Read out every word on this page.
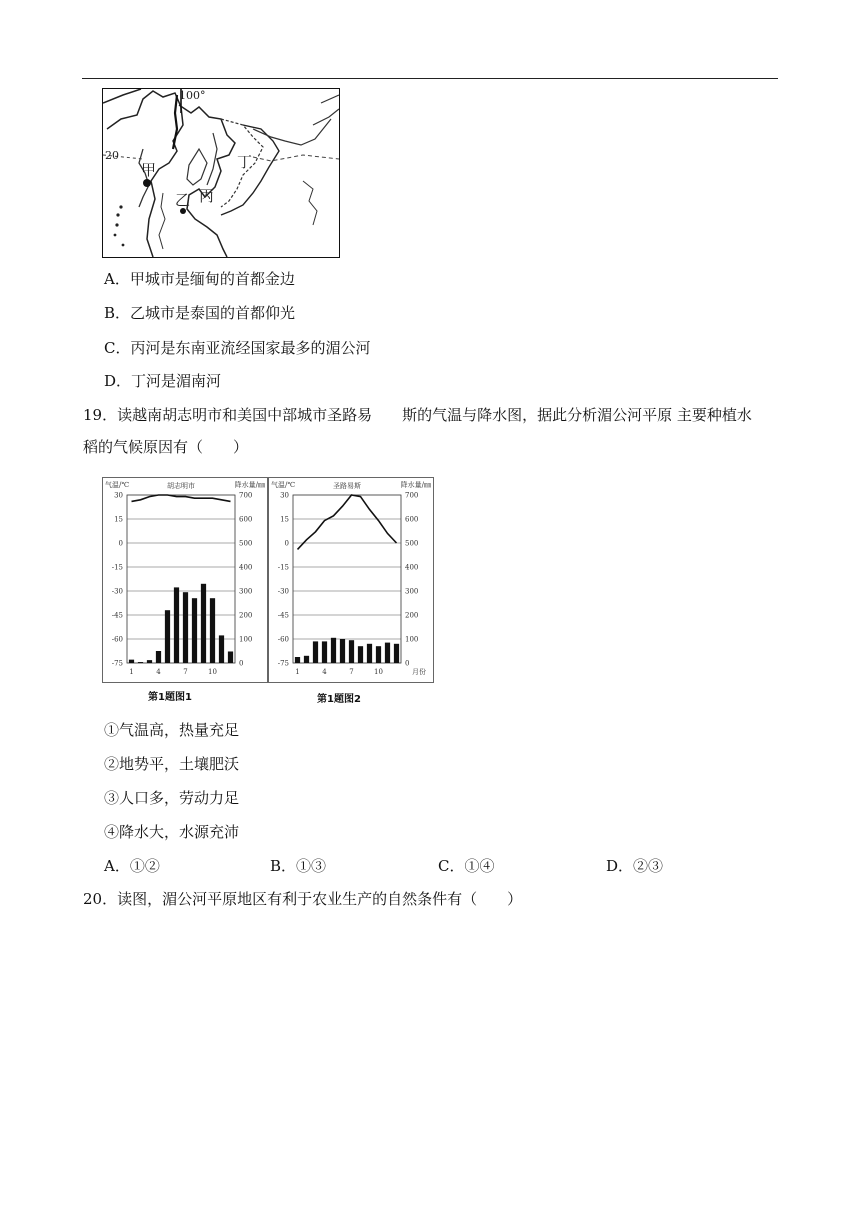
100°
20
甲
乙 丙
丁
A．甲城市是缅甸的首都金边
B．乙城市是泰国的首都仰光
C．丙河是东南亚流经国家最多的湄公河
D．丁河是湄南河
19．读越南胡志明市和美国中部城市圣路易　　斯的气温与降水图，据此分析湄公河平原 主要种植水
稻的气候原因有（　　）
气温/℃	胡志明市	降水量/㎜
30
15
0
-15
-30
-45
-60
-75
700
600
500
400
300
200
100
0
1	4	7	10
气温/℃	圣路易斯	降水量/㎜
30
15
0
-15
-30
-45
-60
-75
700
600
500
400
300
200
100
0
1	4	7	10	月份
第1题图1	第1题图2
①气温高，热量充足
②地势平，土壤肥沃
③人口多，劳动力足
④降水大，水源充沛
A．①②	B．①③	C．①④	D．②③
20．读图，湄公河平原地区有利于农业生产的自然条件有（　　）
